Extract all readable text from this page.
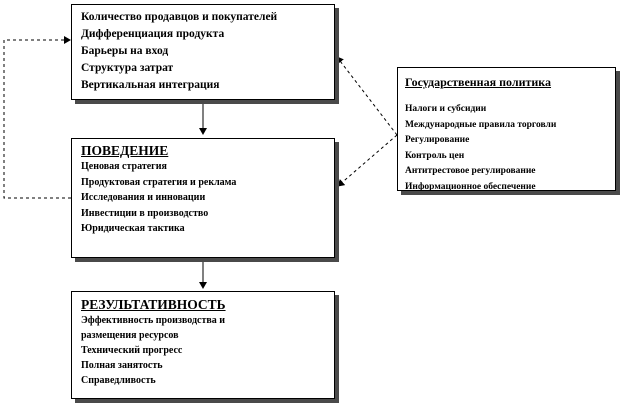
Количество продавцов и покупателей
Дифференциация продукта
Барьеры на вход
Структура затрат
Вертикальная интеграция
ПОВЕДЕНИЕ
Ценовая стратегия
Продуктовая стратегия и реклама
Исследования и инновации
Инвестиции в производство
Юридическая тактика
РЕЗУЛЬТАТИВНОСТЬ
Эффективность производства и
размещения ресурсов
Технический прогресс
Полная занятость
Справедливость
Государственная политика
Налоги и субсидии
Международные правила торговли
Регулирование
Контроль цен
Антитрестовое регулирование
Информационное обеспечение
